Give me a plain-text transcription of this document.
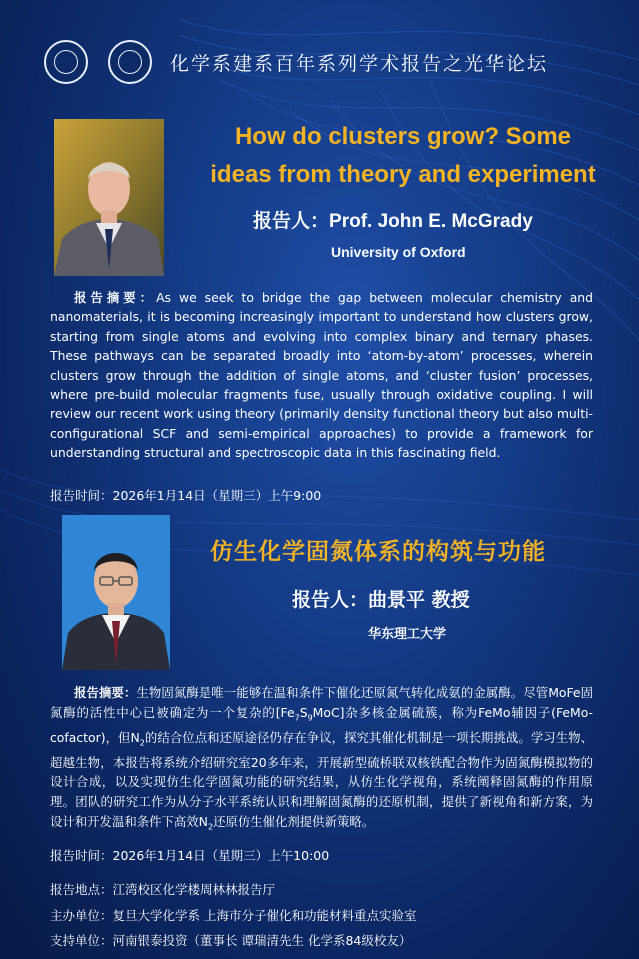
化学系建系百年系列学术报告之光华论坛
How do clusters grow? Some
ideas from theory and experiment
报告人：Prof. John E. McGrady
University of Oxford
报告摘要：As we seek to bridge the gap between molecular chemistry and nanomaterials, it is becoming increasingly important to understand how clusters grow, starting from single atoms and evolving into complex binary and ternary phases. These pathways can be separated broadly into ‘atom-by-atom’ processes, wherein clusters grow through the addition of single atoms, and ‘cluster fusion’ processes, where pre-build molecular fragments fuse, usually through oxidative coupling. I will review our recent work using theory (primarily density functional theory but also multi-configurational SCF and semi-empirical approaches) to provide a framework for understanding structural and spectroscopic data in this fascinating field.
报告时间：2026年1月14日（星期三）上午9:00
仿生化学固氮体系的构筑与功能
报告人：曲景平 教授
华东理工大学
报告摘要：生物固氮酶是唯一能够在温和条件下催化还原氮气转化成氨的金属酶。尽管MoFe固氮酶的活性中心已被确定为一个复杂的$[Fe_7S_9MoC]$杂多核金属硫簇，称为FeMo辅因子(FeMo-cofactor)，但$N_2$的结合位点和还原途径仍存在争议，探究其催化机制是一项长期挑战。学习生物、超越生物，本报告将系统介绍研究室20多年来，开展新型硫桥联双核铁配合物作为固氮酶模拟物的设计合成，以及实现仿生化学固氮功能的研究结果，从仿生化学视角，系统阐释固氮酶的作用原理。团队的研究工作为从分子水平系统认识和理解固氮酶的还原机制，提供了新视角和新方案，为设计和开发温和条件下高效$N_2$还原仿生催化剂提供新策略。
报告时间：2026年1月14日（星期三）上午10:00
报告地点：江湾校区化学楼周林林报告厅
主办单位：复旦大学化学系 上海市分子催化和功能材料重点实验室
支持单位：河南银泰投资（董事长 谭瑞清先生 化学系84级校友）
